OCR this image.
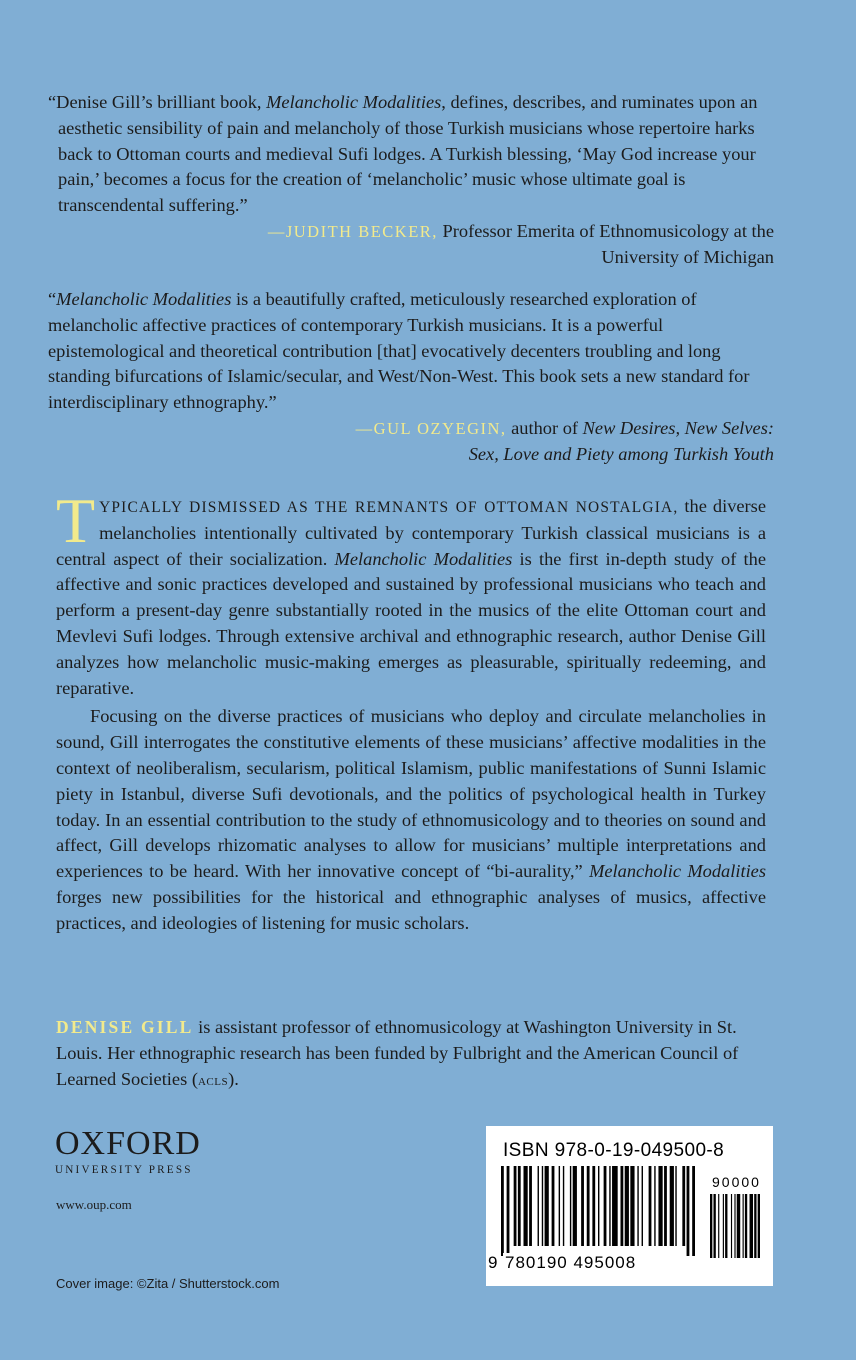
“Denise Gill’s brilliant book, Melancholic Modalities, defines, describes, and ruminates upon an aesthetic sensibility of pain and melancholy of those Turkish musicians whose repertoire harks back to Ottoman courts and medieval Sufi lodges. A Turkish blessing, ‘May God increase your pain,’ becomes a focus for the creation of ‘melancholic’ music whose ultimate goal is transcendental suffering.”

—JUDITH BECKER, Professor Emerita of Ethnomusicology at the
University of Michigan

“Melancholic Modalities is a beautifully crafted, meticulously researched exploration of melancholic affective practices of contemporary Turkish musicians. It is a powerful epistemological and theoretical contribution [that] evocatively decenters troubling and long standing bifurcations of Islamic/secular, and West/Non-West. This book sets a new standard for interdisciplinary ethnography.”

—GUL OZYEGIN, author of New Desires, New Selves:
Sex, Love and Piety among Turkish Youth

TYPICALLY DISMISSED AS THE REMNANTS OF OTTOMAN NOSTALGIA, the diverse melancholies intentionally cultivated by contemporary Turkish classical musicians is a central aspect of their socialization. Melancholic Modalities is the first in-depth study of the affective and sonic practices developed and sustained by professional musicians who teach and perform a present-day genre substantially rooted in the musics of the elite Ottoman court and Mevlevi Sufi lodges. Through extensive archival and ethnographic research, author Denise Gill analyzes how melancholic music-making emerges as pleasurable, spiritually redeeming, and reparative.

Focusing on the diverse practices of musicians who deploy and circulate melancholies in sound, Gill interrogates the constitutive elements of these musicians’ affective modalities in the context of neoliberalism, secularism, political Islamism, public manifestations of Sunni Islamic piety in Istanbul, diverse Sufi devotionals, and the politics of psychological health in Turkey today. In an essential contribution to the study of ethnomusicology and to theories on sound and affect, Gill develops rhizomatic analyses to allow for musicians’ multiple interpretations and experiences to be heard. With her innovative concept of “bi-aurality,” Melancholic Modalities forges new possibilities for the historical and ethnographic analyses of musics, affective practices, and ideologies of listening for music scholars.

DENISE GILL is assistant professor of ethnomusicology at Washington University in St. Louis. Her ethnographic research has been funded by Fulbright and the American Council of Learned Societies (acls).

OXFORD
UNIVERSITY PRESS
www.oup.com
Cover image: ©Zita / Shutterstock.com
ISBN 978-0-19-049500-8
90000
9 780190 495008
